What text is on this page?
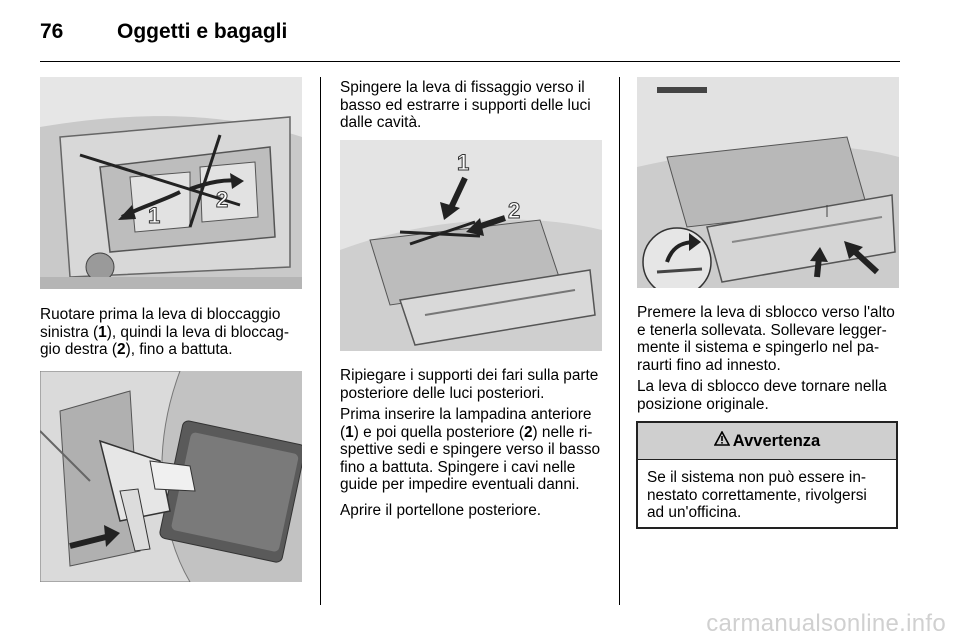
76	Oggetti e bagagli
1
2

Ruotare prima la leva di bloccaggio sinistra (1), quindi la leva di bloccag-gio destra (2), fino a battuta.

Spingere la leva di fissaggio verso il basso ed estrarre i supporti delle luci dalle cavità.

1
2

Ripiegare i supporti dei fari sulla parte posteriore delle luci posteriori.

Prima inserire la lampadina anteriore (1) e poi quella posteriore (2) nelle ri-spettive sedi e spingere verso il basso fino a battuta. Spingere i cavi nelle guide per impedire eventuali danni.

Aprire il portellone posteriore.

Premere la leva di sblocco verso l'alto e tenerla sollevata. Sollevare legger-mente il sistema e spingerlo nel pa-raurti fino ad innesto.

La leva di sblocco deve tornare nella posizione originale.

Avvertenza

Se il sistema non può essere in-nestato correttamente, rivolgersi ad un'officina.

carmanualsonline.info
